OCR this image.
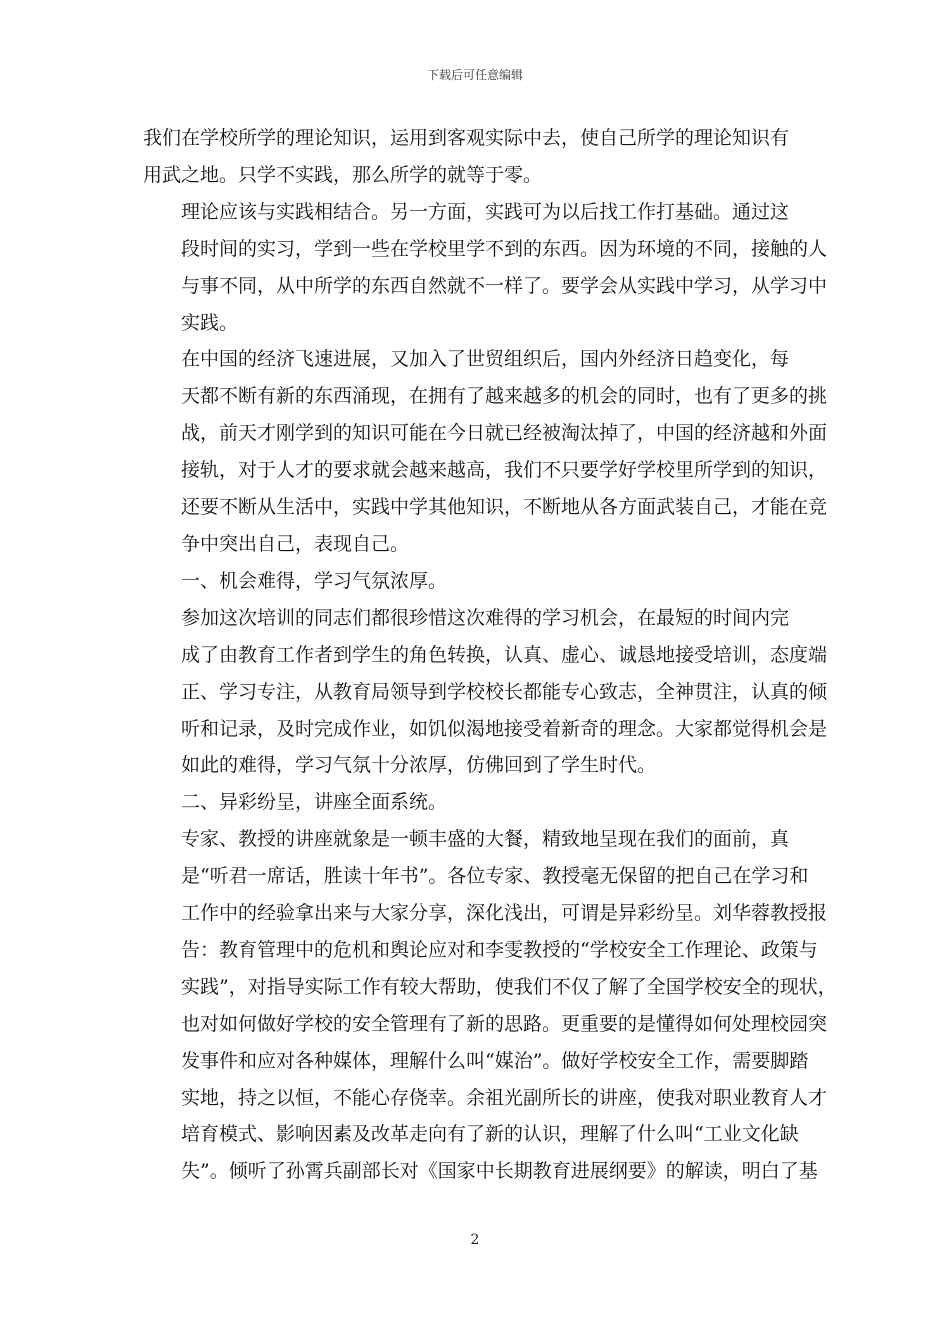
下载后可任意编辑

我们在学校所学的理论知识，运用到客观实际中去，使自己所学的理论知识有
用武之地。只学不实践，那么所学的就等于零。

理论应该与实践相结合。另一方面，实践可为以后找工作打基础。通过这
段时间的实习，学到一些在学校里学不到的东西。因为环境的不同，接触的人
与事不同，从中所学的东西自然就不一样了。要学会从实践中学习，从学习中
实践。

在中国的经济飞速进展，又加入了世贸组织后，国内外经济日趋变化，每
天都不断有新的东西涌现，在拥有了越来越多的机会的同时，也有了更多的挑
战，前天才刚学到的知识可能在今日就已经被淘汰掉了，中国的经济越和外面
接轨，对于人才的要求就会越来越高，我们不只要学好学校里所学到的知识，
还要不断从生活中，实践中学其他知识，不断地从各方面武装自己，才能在竞
争中突出自己，表现自己。

一、机会难得，学习气氛浓厚。

参加这次培训的同志们都很珍惜这次难得的学习机会，在最短的时间内完
成了由教育工作者到学生的角色转换，认真、虚心、诚恳地接受培训，态度端
正、学习专注，从教育局领导到学校校长都能专心致志，全神贯注，认真的倾
听和记录，及时完成作业，如饥似渴地接受着新奇的理念。大家都觉得机会是
如此的难得，学习气氛十分浓厚，仿佛回到了学生时代。

二、异彩纷呈，讲座全面系统。

专家、教授的讲座就象是一顿丰盛的大餐，精致地呈现在我们的面前，真
是“听君一席话，胜读十年书”。各位专家、教授毫无保留的把自己在学习和
工作中的经验拿出来与大家分享，深化浅出，可谓是异彩纷呈。刘华蓉教授报
告：教育管理中的危机和舆论应对和李雯教授的“学校安全工作理论、政策与
实践”，对指导实际工作有较大帮助，使我们不仅了解了全国学校安全的现状，
也对如何做好学校的安全管理有了新的思路。更重要的是懂得如何处理校园突
发事件和应对各种媒体，理解什么叫“媒治”。做好学校安全工作，需要脚踏
实地，持之以恒，不能心存侥幸。余祖光副所长的讲座，使我对职业教育人才
培育模式、影响因素及改革走向有了新的认识，理解了什么叫“工业文化缺
失”。倾听了孙霄兵副部长对《国家中长期教育进展纲要》的解读，明白了基

2
